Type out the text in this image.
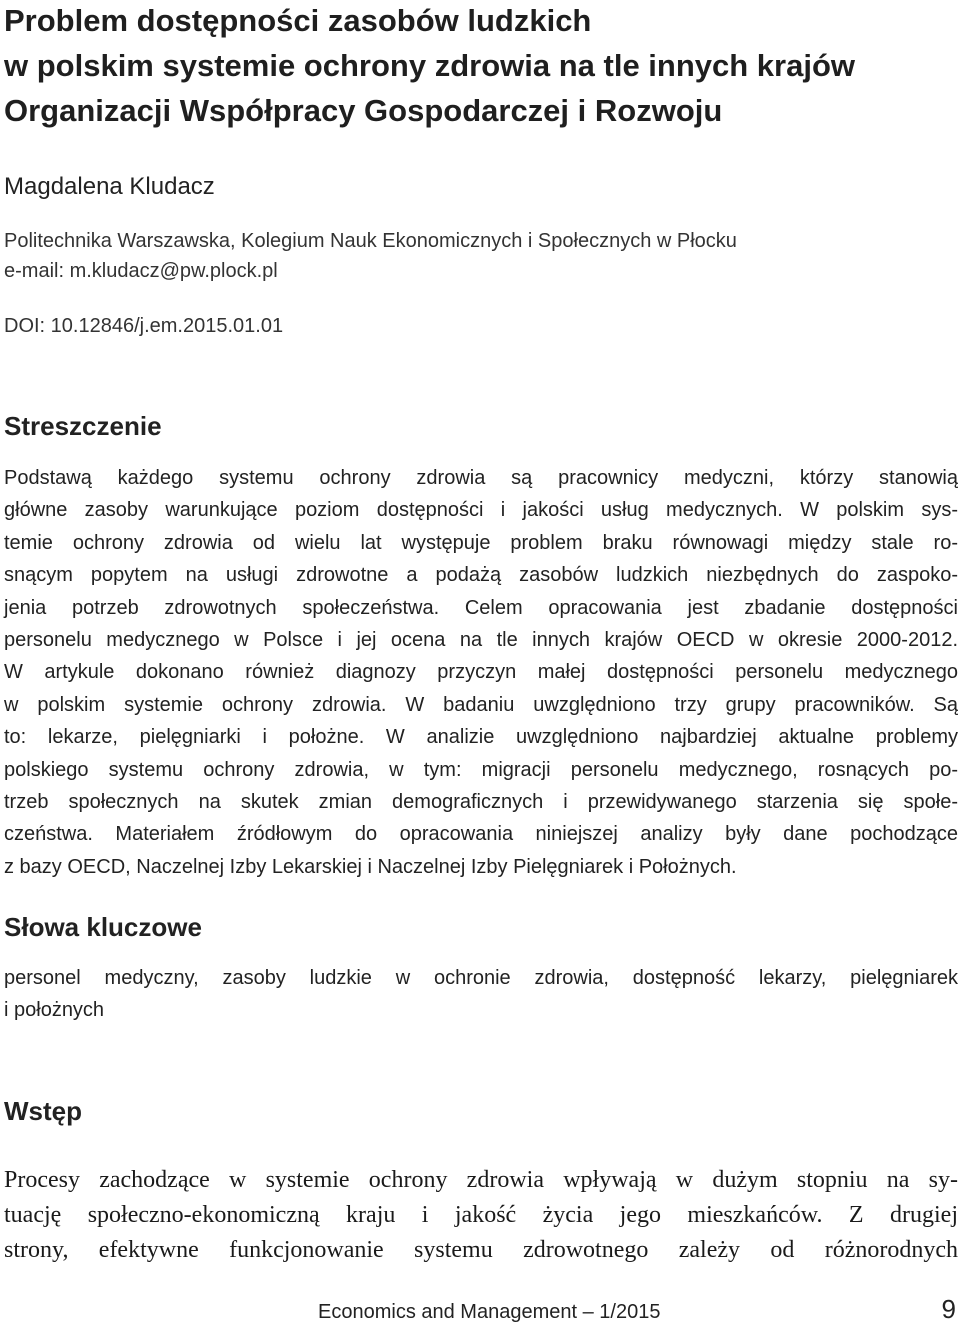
Problem dostępności zasobów ludzkich
w polskim systemie ochrony zdrowia na tle innych krajów
Organizacji Współpracy Gospodarczej i Rozwoju

Magdalena Kludacz

Politechnika Warszawska, Kolegium Nauk Ekonomicznych i Społecznych w Płocku
e-mail: m.kludacz@pw.plock.pl

DOI: 10.12846/j.em.2015.01.01

Streszczenie
Podstawą każdego systemu ochrony zdrowia są pracownicy medyczni, którzy stanowią
główne zasoby warunkujące poziom dostępności i jakości usług medycznych. W polskim sys-
temie ochrony zdrowia od wielu lat występuje problem braku równowagi między stale ro-
snącym popytem na usługi zdrowotne a podażą zasobów ludzkich niezbędnych do zaspoko-
jenia potrzeb zdrowotnych społeczeństwa. Celem opracowania jest zbadanie dostępności
personelu medycznego w Polsce i jej ocena na tle innych krajów OECD w okresie 2000-2012.
W artykule dokonano również diagnozy przyczyn małej dostępności personelu medycznego
w polskim systemie ochrony zdrowia. W badaniu uwzględniono trzy grupy pracowników. Są
to: lekarze, pielęgniarki i położne. W analizie uwzględniono najbardziej aktualne problemy
polskiego systemu ochrony zdrowia, w tym: migracji personelu medycznego, rosnących po-
trzeb społecznych na skutek zmian demograficznych i przewidywanego starzenia się społe-
czeństwa. Materiałem źródłowym do opracowania niniejszej analizy były dane pochodzące
z bazy OECD, Naczelnej Izby Lekarskiej i Naczelnej Izby Pielęgniarek i Położnych.
Słowa kluczowe
personel medyczny, zasoby ludzkie w ochronie zdrowia, dostępność lekarzy, pielęgniarek
i położnych
Wstęp
Procesy zachodzące w systemie ochrony zdrowia wpływają w dużym stopniu na sy-
tuację społeczno-ekonomiczną kraju i jakość życia jego mieszkańców. Z drugiej
strony, efektywne funkcjonowanie systemu zdrowotnego zależy od różnorodnych

Economics and Management – 1/2015	9
